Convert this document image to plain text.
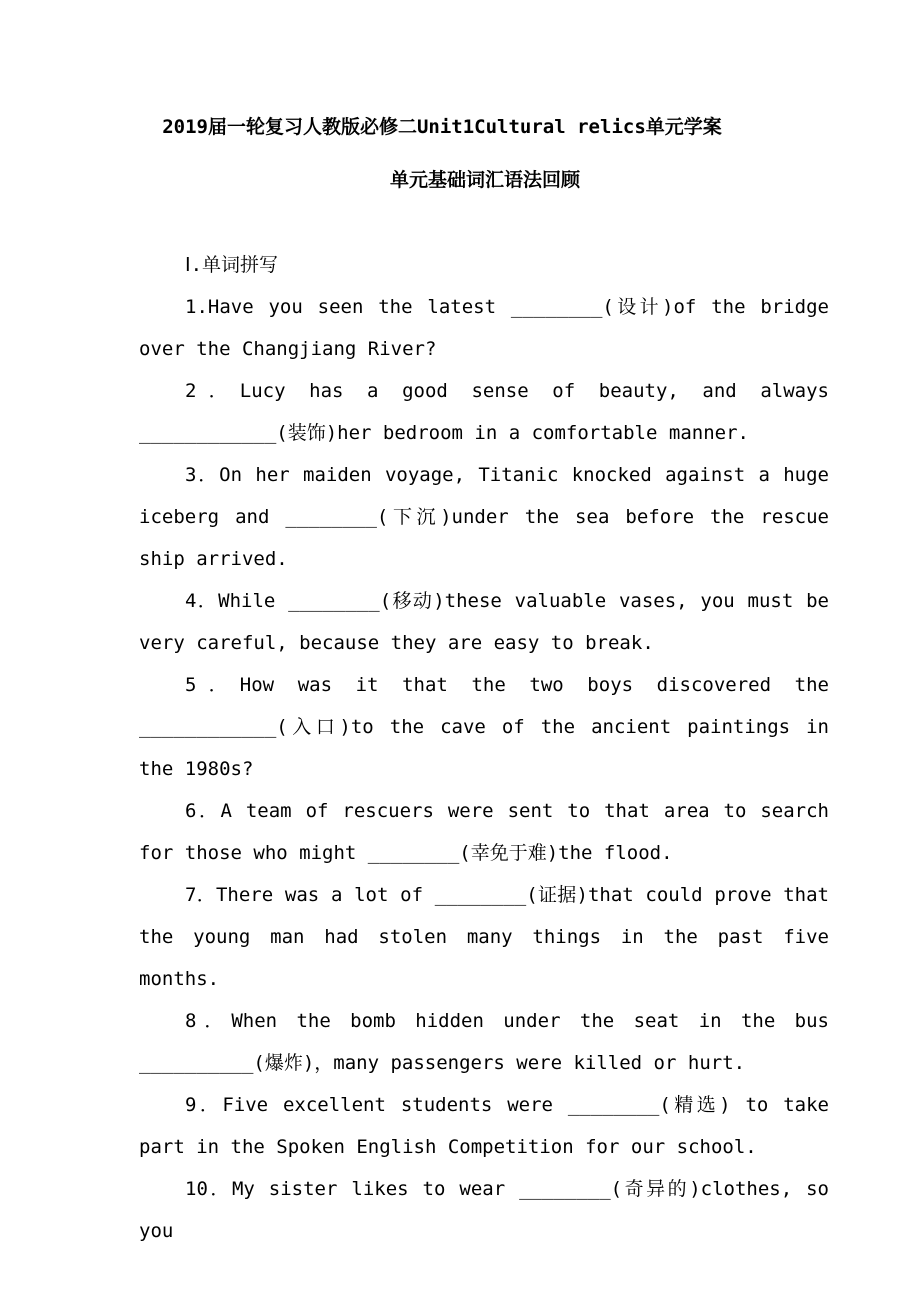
2019届一轮复习人教版必修二Unit1Cultural relics单元学案
单元基础词汇语法回顾

Ⅰ.单词拼写

1.Have you seen the latest ________(设计)of the bridge over the Changjiang River?

2．Lucy has a good sense of beauty, and always ____________(装饰)her bedroom in a comfortable manner.

3．On her maiden voyage, Titanic knocked against a huge iceberg and ________(下沉)under the sea before the rescue ship arrived.

4．While ________(移动)these valuable vases, you must be very careful, because they are easy to break.

5．How was it that the two boys discovered the ____________(入口)to the cave of the ancient paintings in the 1980s?

6．A team of rescuers were sent to that area to search for those who might ________(幸免于难)the flood.

7．There was a lot of ________(证据)that could prove that the young man had stolen many things in the past five months.

8．When the bomb hidden under the seat in the bus __________(爆炸)，many passengers were killed or hurt.

9．Five excellent students were ________(精选) to take part in the Spoken English Competition for our school.

10．My sister likes to wear ________(奇异的)clothes, so you
